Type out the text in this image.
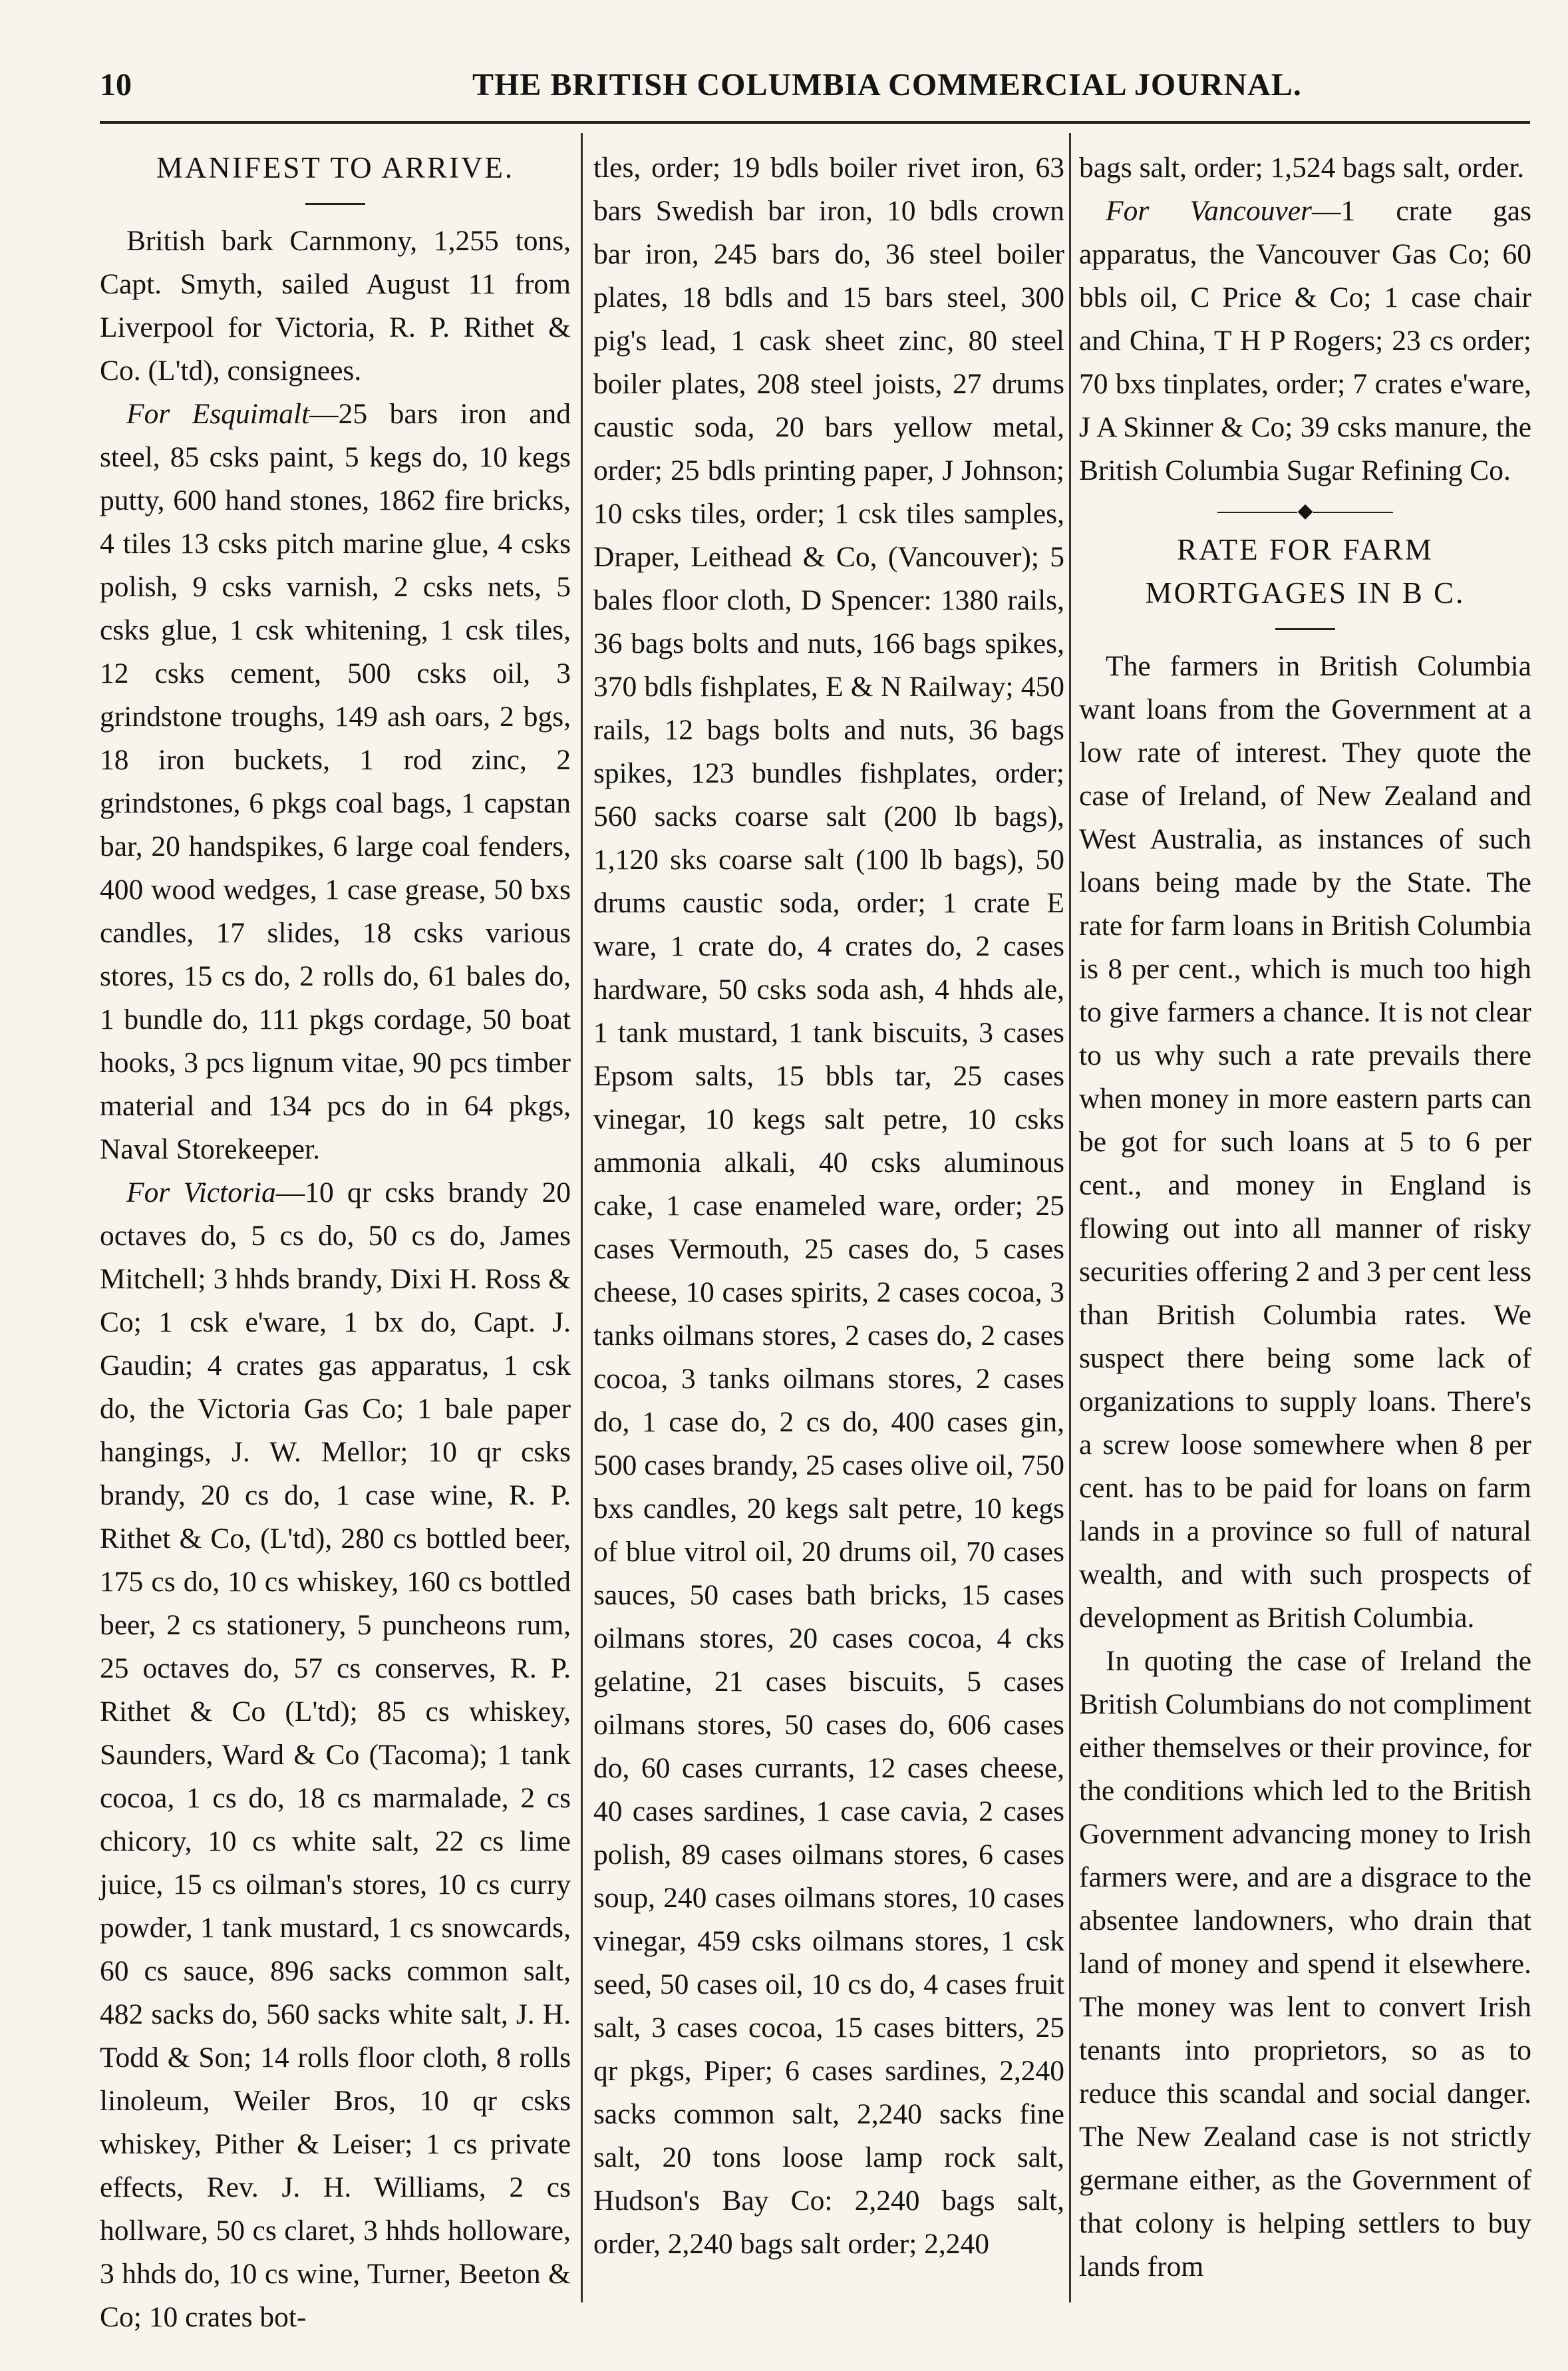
10	THE BRITISH COLUMBIA COMMERCIAL JOURNAL.
MANIFEST TO ARRIVE.

British bark Carnmony, 1,255 tons, Capt. Smyth, sailed August 11 from Liverpool for Victoria, R. P. Rithet & Co. (L'td), consignees.

For Esquimalt—25 bars iron and steel, 85 csks paint, 5 kegs do, 10 kegs putty, 600 hand stones, 1862 fire bricks, 4 tiles 13 csks pitch marine glue, 4 csks polish, 9 csks varnish, 2 csks nets, 5 csks glue, 1 csk whitening, 1 csk tiles, 12 csks cement, 500 csks oil, 3 grindstone troughs, 149 ash oars, 2 bgs, 18 iron buckets, 1 rod zinc, 2 grindstones, 6 pkgs coal bags, 1 capstan bar, 20 handspikes, 6 large coal fenders, 400 wood wedges, 1 case grease, 50 bxs candles, 17 slides, 18 csks various stores, 15 cs do, 2 rolls do, 61 bales do, 1 bundle do, 111 pkgs cordage, 50 boat hooks, 3 pcs lignum vitae, 90 pcs timber material and 134 pcs do in 64 pkgs, Naval Storekeeper.

For Victoria—10 qr csks brandy 20 octaves do, 5 cs do, 50 cs do, James Mitchell; 3 hhds brandy, Dixi H. Ross & Co; 1 csk e'ware, 1 bx do, Capt. J. Gaudin; 4 crates gas apparatus, 1 csk do, the Victoria Gas Co; 1 bale paper hangings, J. W. Mellor; 10 qr csks brandy, 20 cs do, 1 case wine, R. P. Rithet & Co, (L'td), 280 cs bottled beer, 175 cs do, 10 cs whiskey, 160 cs bottled beer, 2 cs stationery, 5 puncheons rum, 25 octaves do, 57 cs conserves, R. P. Rithet & Co (L'td); 85 cs whiskey, Saunders, Ward & Co (Tacoma); 1 tank cocoa, 1 cs do, 18 cs marmalade, 2 cs chicory, 10 cs white salt, 22 cs lime juice, 15 cs oilman's stores, 10 cs curry powder, 1 tank mustard, 1 cs snowcards, 60 cs sauce, 896 sacks common salt, 482 sacks do, 560 sacks white salt, J. H. Todd & Son; 14 rolls floor cloth, 8 rolls linoleum, Weiler Bros, 10 qr csks whiskey, Pither & Leiser; 1 cs private effects, Rev. J. H. Williams, 2 cs hollware, 50 cs claret, 3 hhds holloware, 3 hhds do, 10 cs wine, Turner, Beeton & Co; 10 crates bot-

tles, order; 19 bdls boiler rivet iron, 63 bars Swedish bar iron, 10 bdls crown bar iron, 245 bars do, 36 steel boiler plates, 18 bdls and 15 bars steel, 300 pig's lead, 1 cask sheet zinc, 80 steel boiler plates, 208 steel joists, 27 drums caustic soda, 20 bars yellow metal, order; 25 bdls printing paper, J Johnson; 10 csks tiles, order; 1 csk tiles samples, Draper, Leithead & Co, (Vancouver); 5 bales floor cloth, D Spencer: 1380 rails, 36 bags bolts and nuts, 166 bags spikes, 370 bdls fishplates, E & N Railway; 450 rails, 12 bags bolts and nuts, 36 bags spikes, 123 bundles fishplates, order; 560 sacks coarse salt (200 lb bags), 1,120 sks coarse salt (100 lb bags), 50 drums caustic soda, order; 1 crate E ware, 1 crate do, 4 crates do, 2 cases hardware, 50 csks soda ash, 4 hhds ale, 1 tank mustard, 1 tank biscuits, 3 cases Epsom salts, 15 bbls tar, 25 cases vinegar, 10 kegs salt petre, 10 csks ammonia alkali, 40 csks aluminous cake, 1 case enameled ware, order; 25 cases Vermouth, 25 cases do, 5 cases cheese, 10 cases spirits, 2 cases cocoa, 3 tanks oilmans stores, 2 cases do, 2 cases cocoa, 3 tanks oilmans stores, 2 cases do, 1 case do, 2 cs do, 400 cases gin, 500 cases brandy, 25 cases olive oil, 750 bxs candles, 20 kegs salt petre, 10 kegs of blue vitrol oil, 20 drums oil, 70 cases sauces, 50 cases bath bricks, 15 cases oilmans stores, 20 cases cocoa, 4 cks gelatine, 21 cases biscuits, 5 cases oilmans stores, 50 cases do, 606 cases do, 60 cases currants, 12 cases cheese, 40 cases sardines, 1 case cavia, 2 cases polish, 89 cases oilmans stores, 6 cases soup, 240 cases oilmans stores, 10 cases vinegar, 459 csks oilmans stores, 1 csk seed, 50 cases oil, 10 cs do, 4 cases fruit salt, 3 cases cocoa, 15 cases bitters, 25 qr pkgs, Piper; 6 cases sardines, 2,240 sacks common salt, 2,240 sacks fine salt, 20 tons loose lamp rock salt, Hudson's Bay Co: 2,240 bags salt, order, 2,240 bags salt order; 2,240
bags salt, order; 1,524 bags salt, order.

For Vancouver—1 crate gas apparatus, the Vancouver Gas Co; 60 bbls oil, C Price & Co; 1 case chair and China, T H P Rogers; 23 cs order; 70 bxs tinplates, order; 7 crates e'ware, J A Skinner & Co; 39 csks manure, the British Columbia Sugar Refining Co.

◆
RATE FOR FARM MORTGAGES IN B C.

The farmers in British Columbia want loans from the Government at a low rate of interest. They quote the case of Ireland, of New Zealand and West Australia, as instances of such loans being made by the State. The rate for farm loans in British Columbia is 8 per cent., which is much too high to give farmers a chance. It is not clear to us why such a rate prevails there when money in more eastern parts can be got for such loans at 5 to 6 per cent., and money in England is flowing out into all manner of risky securities offering 2 and 3 per cent less than British Columbia rates. We suspect there being some lack of organizations to supply loans. There's a screw loose somewhere when 8 per cent. has to be paid for loans on farm lands in a province so full of natural wealth, and with such prospects of development as British Columbia.

In quoting the case of Ireland the British Columbians do not compliment either themselves or their province, for the conditions which led to the British Government advancing money to Irish farmers were, and are a disgrace to the absentee landowners, who drain that land of money and spend it elsewhere. The money was lent to convert Irish tenants into proprietors, so as to reduce this scandal and social danger. The New Zealand case is not strictly germane either, as the Government of that colony is helping settlers to buy lands from
